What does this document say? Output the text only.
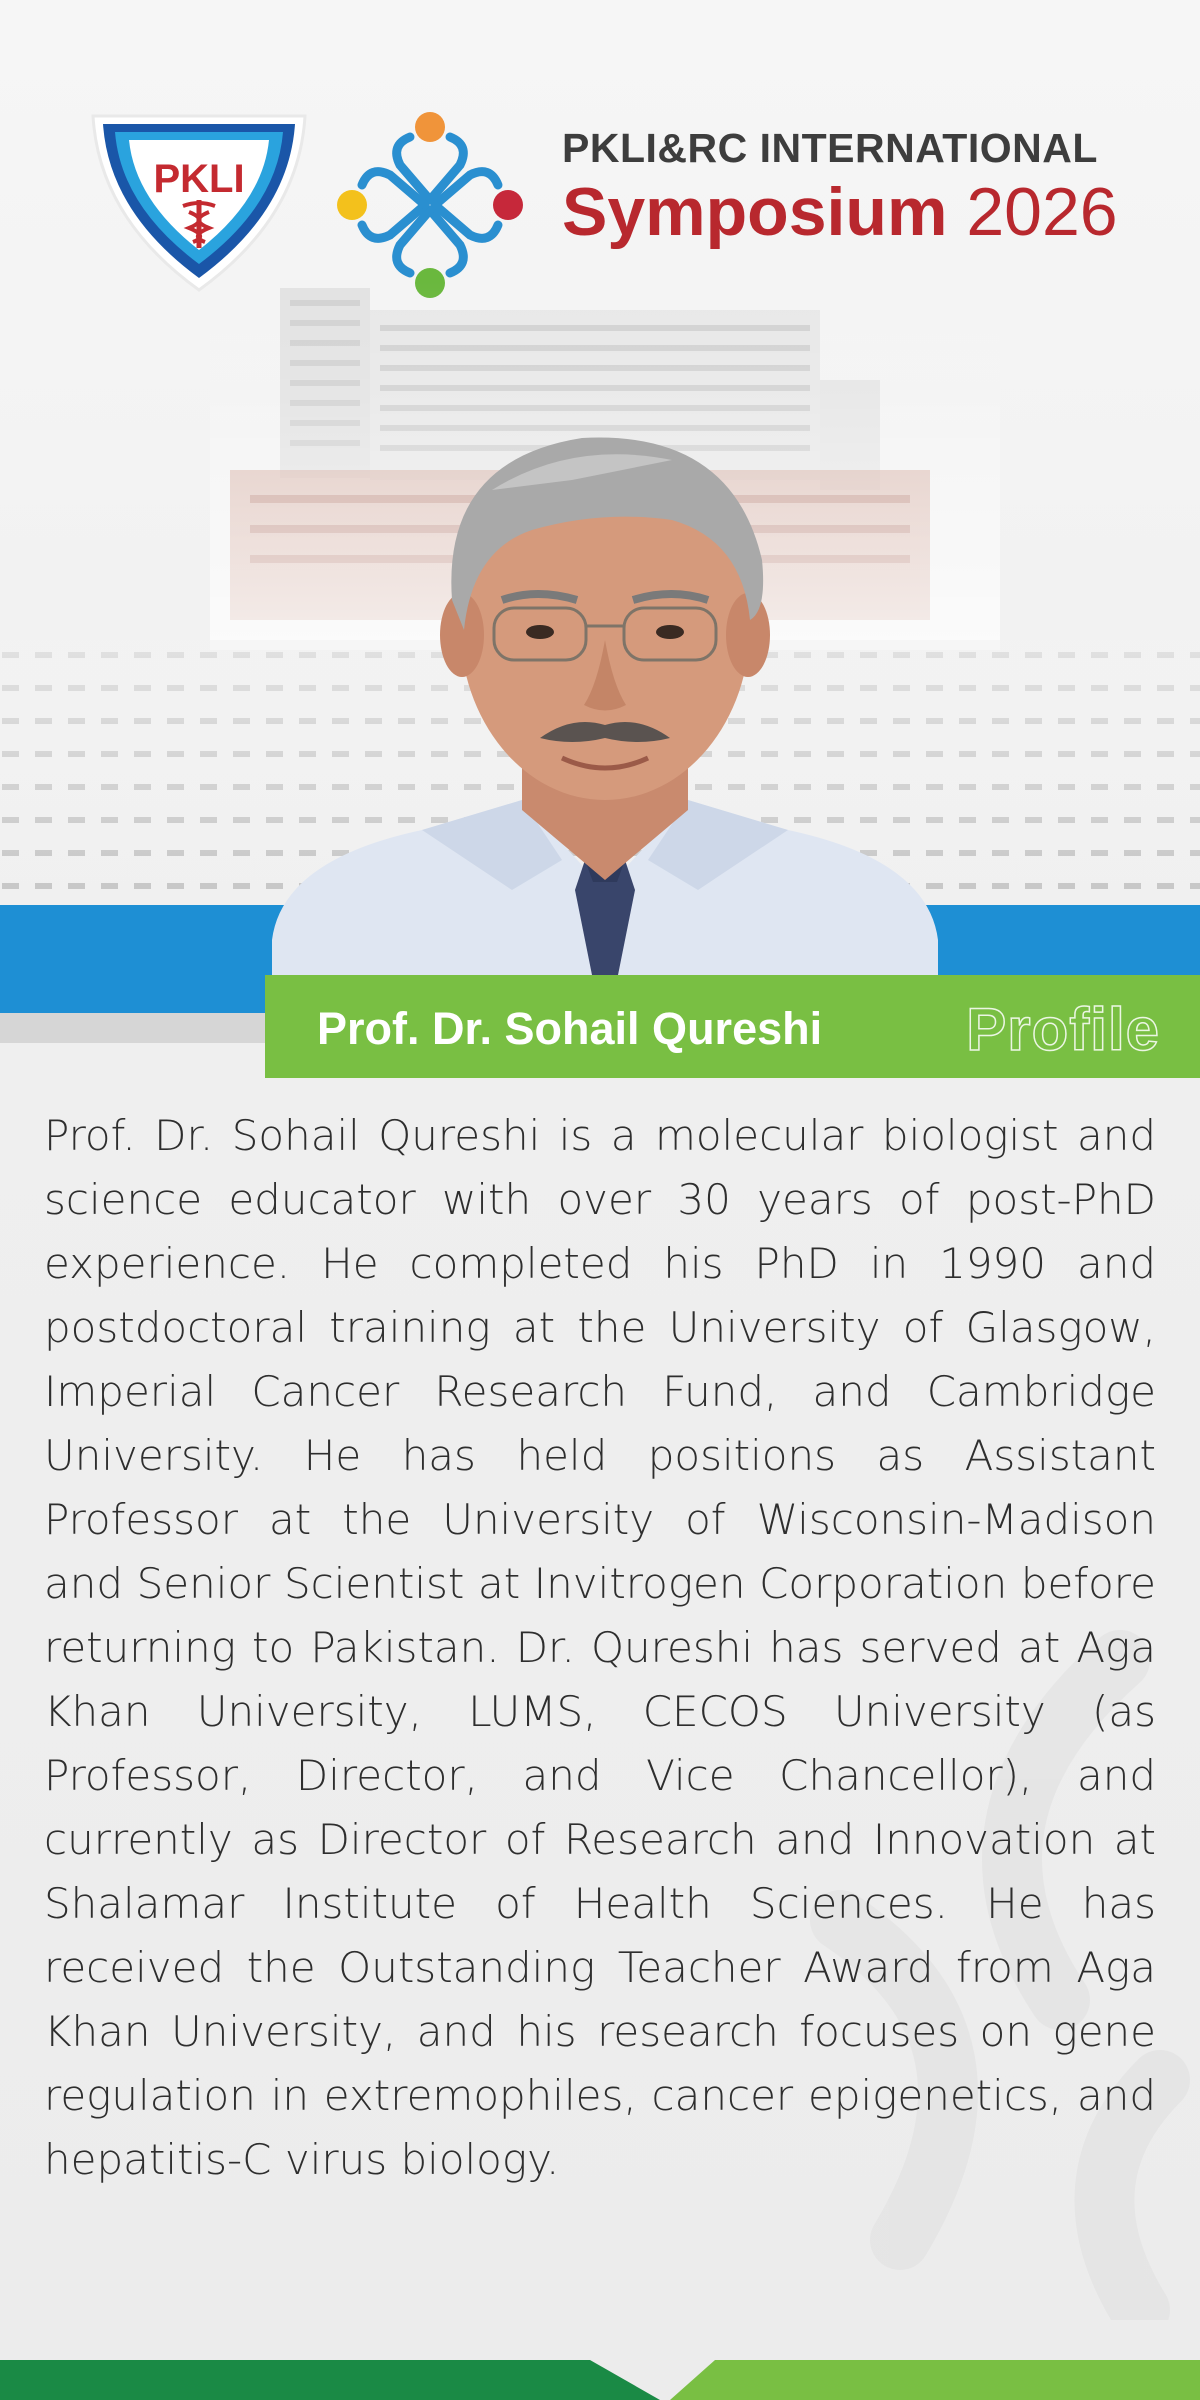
PKLI
PKLI&RC INTERNATIONAL
Symposium 2026
Prof. Dr. Sohail Qureshi Profile
Prof. Dr. Sohail Qureshi is a molecular biologist and science educator with over 30 years of post-PhD experience. He completed his PhD in 1990 and postdoctoral training at the University of Glasgow, Imperial Cancer Research Fund, and Cambridge University. He has held positions as Assistant Professor at the University of Wisconsin-Madison and Senior Scientist at Invitrogen Corporation before returning to Pakistan. Dr. Qureshi has served at Aga Khan University, LUMS, CECOS University (as Professor, Director, and Vice Chancellor), and currently as Director of Research and Innovation at Shalamar Institute of Health Sciences. He has received the Outstanding Teacher Award from Aga Khan University, and his research focuses on gene regulation in extremophiles, cancer epigenetics, and hepatitis-C virus biology.
